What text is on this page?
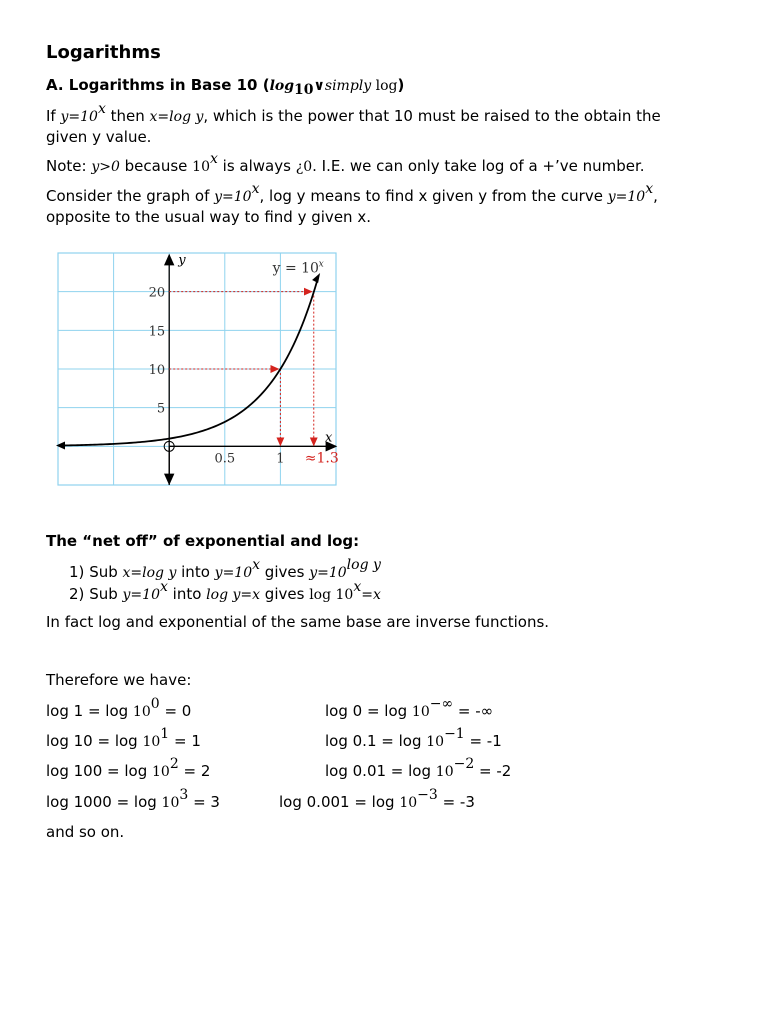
Logarithms
A. Logarithms in Base 10 ($\log_{10}\vee simply$ log)
If $y=10^x$ then x=log y, which is the power that 10 must be raised to the obtain the
given y value.
Note: y>0 because 10$^x$ is always ¿0. I.E. we can only take log of a +’ve number.
Consider the graph of $y=10^x$, log y means to find x given y from the curve $y=10^x$,
opposite to the usual way to find y given x.
y
x
5
10
15
20
0.5	1 ≈1.3
y = 10 x
The “net off” of exponential and log:
1) Sub x=log y into $y=10^x$ gives $y=10^{log y}$
2) Sub $y=10^x$ into log y=x gives $\log 10^x=x$
In fact log and exponential of the same base are inverse functions.
Therefore we have:
$\log 1 = \log 10^0 = 0$
$\log 10 = \log 10^1 = 1$
$\log 100 = \log 10^2 = 2$
$\log 1000 = \log 10^3 = 3$
log 0 = log 10−∞ = -∞
$\log 0.1 = \log 10^{-1} = -1$
$\log 0.01 = \log 10^{-2} = -2$
$\log 0.001 = \log 10^{-3} = -3$
and so on.
